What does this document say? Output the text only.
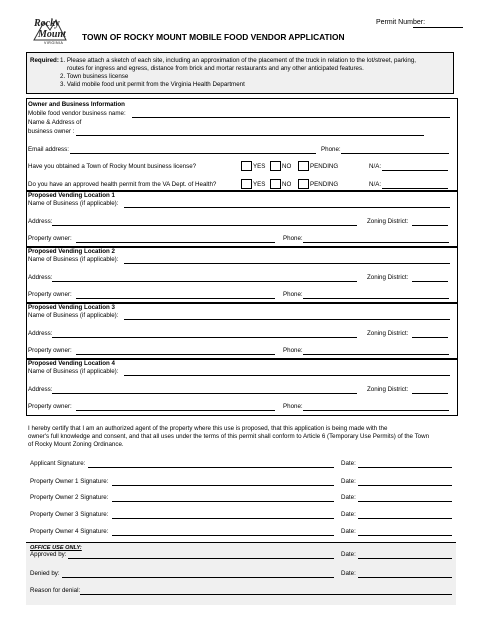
Permit Number:
Rocky
Mount
VIRGINIA
TOWN OF ROCKY MOUNT MOBILE FOOD VENDOR APPLICATION
Required: 1. Please attach a sketch of each site, including an approximation of the placement of the truck in relation to the lot/street, parking,
routes for ingress and egress, distance from brick and mortar restaurants and any other anticipated features.
2. Town business license
3. Valid mobile food unit permit from the Virginia Health Department
Owner and Business Information
Mobile food vendor business name:
Name & Address of
business owner :
Email address:	Phone:
Have you obtained a Town of Rocky Mount business license?	YES	NO	PENDING	N/A:
Do you have an approved health permit from the VA Dept. of Health?	YES	NO	PENDING	N/A:
Proposed Vending Location 1
Name of Business (if applicable):
Address:	Zoning District:
Property owner:	Phone:
Proposed Vending Location 2
Name of Business (if applicable):
Address:	Zoning District:
Property owner:	Phone:
Proposed Vending Location 3
Name of Business (if applicable):
Address:	Zoning District:
Property owner:	Phone:
Proposed Vending Location 4
Name of Business (if applicable):
Address:	Zoning District:
Property owner:	Phone:
I hereby certify that I am an authorized agent of the property where this use is proposed, that this application is being made with the
owner's full knowledge and consent, and that all uses under the terms of this permit shall conform to Article 6 (Temporary Use Permits) of the Town
of Rocky Mount Zoning Ordinance.
Applicant Signature:	Date:
Property Owner 1 Signature:	Date:
Property Owner 2 Signature:	Date:
Property Owner 3 Signature:	Date:
Property Owner 4 Signature:	Date:
OFFICE USE ONLY:
Approved by:	Date:
Denied by:	Date:
Reason for denial:
